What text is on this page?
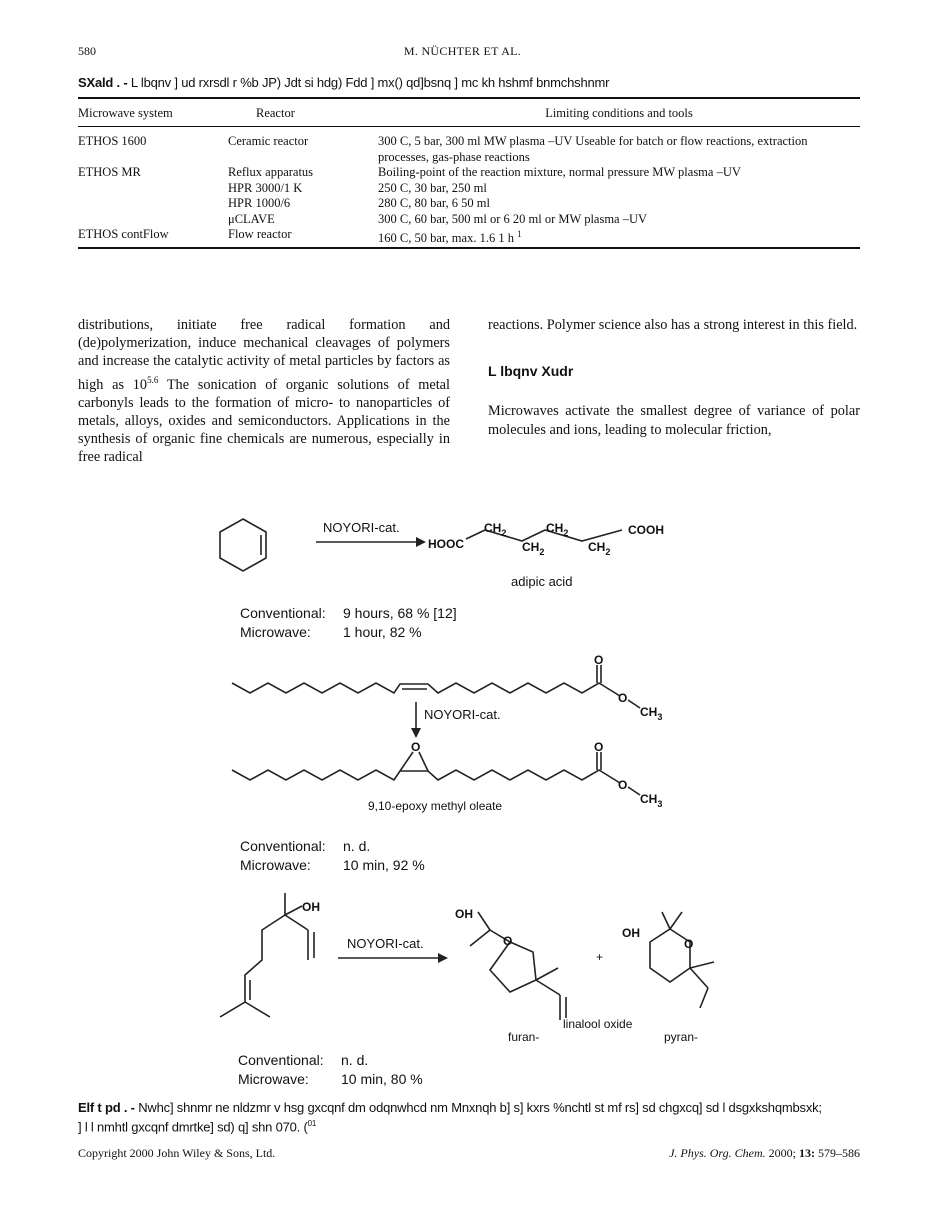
580	M. NÜCHTER ET AL.
SXald . - L lbqnv ] ud rxrsdl r %b JP) Jdt si hdg) Fdd ] mx() qd]bsnq ] mc kh hshmf bnmchshnmr
Microwave system	Reactor	Limiting conditions and tools

ETHOS 1600	Ceramic reactor	300 C, 5 bar, 300 ml MW plasma –UV Useable for batch or flow reactions, extraction processes, gas-phase reactions
ETHOS MR	Reflux apparatus	Boiling-point of the reaction mixture, normal pressure MW plasma –UV
	HPR 3000/1 K	250 C, 30 bar, 250 ml
	HPR 1000/6	280 C, 80 bar, 6 50 ml
	μCLAVE	300 C, 60 bar, 500 ml or 6 20 ml or MW plasma –UV
ETHOS contFlow	Flow reactor	160 C, 50 bar, max. 1.6 1 h $^1$
distributions, initiate free radical formation and (de)polymerization, induce mechanical cleavages of polymers and increase the catalytic activity of metal particles by factors as high as $10^{5.6}$ The sonication of organic solutions of metal carbonyls leads to the formation of micro- to nanoparticles of metals, alloys, oxides and semiconductors. Applications in the synthesis of organic fine chemicals are numerous, especially in free radical
reactions. Polymer science also has a strong interest in this field.
L lbqnv Xudr
Microwaves activate the smallest degree of variance of polar molecules and ions, leading to molecular friction,
NOYORI-cat.
HOOC
$CH_2$
$CH_2$
$CH_2$
$CH_2$
COOH
adipic acid
O
O
$CH_3$
NOYORI-cat.
O	O
O
$CH_3$
9,10-epoxy methyl oleate
OH
NOYORI-cat.
OH
O
+
OH
O
linalool oxide
furan-	pyran-
Conventional: 9 hours, 68 % [12]
Microwave: 1 hour, 82 %
Conventional: n. d.
Microwave: 10 min, 92 %
Conventional: n. d.
Microwave: 10 min, 80 %
Elf t pd . - Nwhc] shnmr ne nldzmr v hsg gxcqnf dm odqnwhcd nm Mnxnqh b] s] kxrs %nchtl st mf rs] sd chgxcq] sd l dsgxkshqmbsxk;
] l l nmhtl gxcqnf dmrtke] sd) q] shn 070. ($^{01}$
Copyright 2000 John Wiley & Sons, Ltd.	J. Phys. Org. Chem. 2000; 13: 579–586
